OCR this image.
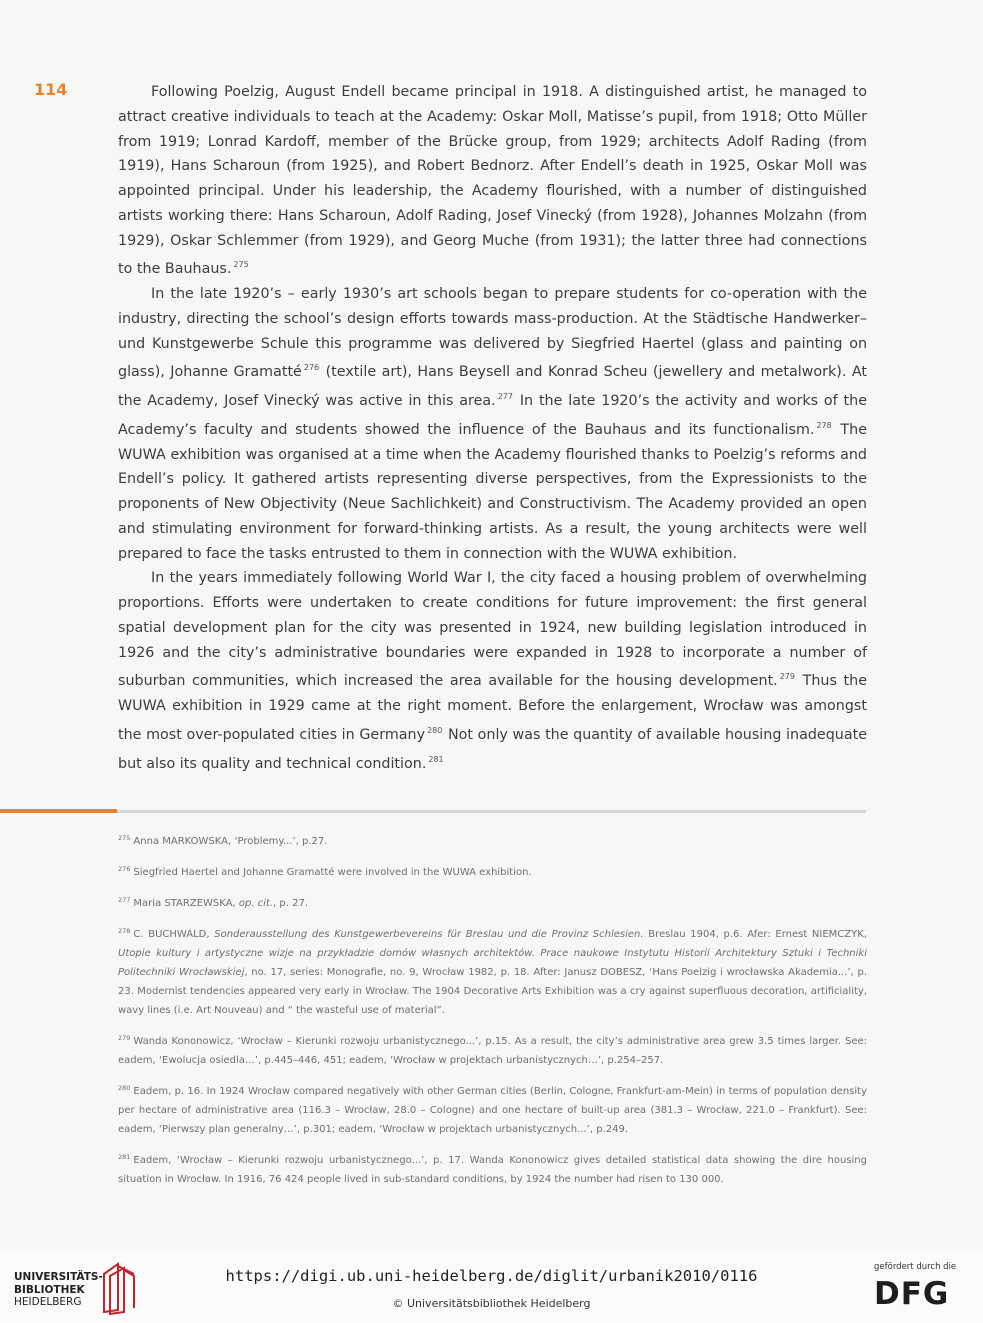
114	Following Poelzig, August Endell became principal in 1918. A distinguished artist, he managed to attract creative individuals to teach at the Academy: Oskar Moll, Matisse’s pupil, from 1918; Otto Müller from 1919; Lonrad Kardoff, member of the Brücke group, from 1929; architects Adolf Rading (from 1919), Hans Scharoun (from 1925), and Robert Bednorz. After Endell’s death in 1925, Oskar Moll was appointed principal. Under his leadership, the Academy flourished, with a number of distinguished artists working there: Hans Scharoun, Adolf Rading, Josef Vinecký (from 1928), Johannes Molzahn (from 1929), Oskar Schlemmer (from 1929), and Georg Muche (from 1931); the latter three had connections to the Bauhaus. $^{275}$

In the late 1920’s – early 1930’s art schools began to prepare students for co-operation with the industry, directing the school’s design efforts towards mass-production. At the Städtische Handwerker– und Kunstgewerbe Schule this programme was delivered by Siegfried Haertel (glass and painting on glass), Johanne Gramatté $^{276}$ (textile art), Hans Beysell and Konrad Scheu (jewellery and metalwork). At the Academy, Josef Vinecký was active in this area. $^{277}$ In the late 1920’s the activity and works of the Academy’s faculty and students showed the influence of the Bauhaus and its functionalism. $^{278}$ The WUWA exhibition was organised at a time when the Academy flourished thanks to Poelzig’s reforms and Endell’s policy. It gathered artists representing diverse perspectives, from the Expressionists to the proponents of New Objectivity (Neue Sachlichkeit) and Constructivism. The Academy provided an open and stimulating environment for forward-thinking artists. As a result, the young architects were well prepared to face the tasks entrusted to them in connection with the WUWA exhibition.

In the years immediately following World War I, the city faced a housing problem of overwhelming proportions. Efforts were undertaken to create conditions for future improvement: the first general spatial development plan for the city was presented in 1924, new building legislation introduced in 1926 and the city’s administrative boundaries were expanded in 1928 to incorporate a number of suburban communities, which increased the area available for the housing development. $^{279}$ Thus the WUWA exhibition in 1929 came at the right moment. Before the enlargement, Wrocław was amongst the most over-populated cities in Germany $^{280}$ Not only was the quantity of available housing inadequate but also its quality and technical condition. $^{281}$

$^{275}$ Anna MARKOWSKA, ‘Problemy...’, p.27.
$^{276}$ Siegfried Haertel and Johanne Gramatté were involved in the WUWA exhibition.
$^{277}$ Maria STARZEWSKA, op. cit., p. 27.
$^{278}$ C. BUCHWALD, Sonderausstellung des Kunstgewerbevereins für Breslau und die Provinz Schlesien. Breslau 1904, p.6. Afer: Ernest NIEMCZYK, Utopie kultury i artystyczne wizje na przykładzie domów własnych architektów. Prace naukowe Instytutu Historii Architektury Sztuki i Techniki Politechniki Wrocławskiej, no. 17, series: Monografie, no. 9, Wrocław 1982, p. 18. After: Janusz DOBESZ, ‘Hans Poelzig i wrocławska Akademia...’, p. 23. Modernist tendencies appeared very early in Wrocław. The 1904 Decorative Arts Exhibition was a cry against superfluous decoration, artificiality, wavy lines (i.e. Art Nouveau) and “ the wasteful use of material”.
$^{279}$ Wanda Kononowicz, ‘Wrocław – Kierunki rozwoju urbanistycznego...’, p.15. As a result, the city’s administrative area grew 3.5 times larger. See: eadem, ‘Ewolucja osiedla…’, p.445–446, 451; eadem, ‘Wrocław w projektach urbanistycznych…’, p.254–257.
$^{280}$ Eadem, p. 16. In 1924 Wrocław compared negatively with other German cities (Berlin, Cologne, Frankfurt-am-Mein) in terms of population density per hectare of administrative area (116.3 – Wrocław, 28.0 – Cologne) and one hectare of built-up area (381.3 – Wrocław, 221.0 – Frankfurt). See: eadem, ‘Pierwszy plan generalny…’, p.301; eadem, ‘Wrocław w projektach urbanistycznych...’, p.249.
$^{281}$ Eadem, ‘Wrocław – Kierunki rozwoju urbanistycznego...’, p. 17. Wanda Kononowicz gives detailed statistical data showing the dire housing situation in Wrocław. In 1916, 76 424 people lived in sub-standard conditions, by 1924 the number had risen to 130 000.
UNIVERSITÄTS-
BIBLIOTHEK
HEIDELBERG
https://digi.ub.uni-heidelberg.de/diglit/urbanik2010/0116
© Universitätsbibliothek Heidelberg
gefördert durch die
DFG
